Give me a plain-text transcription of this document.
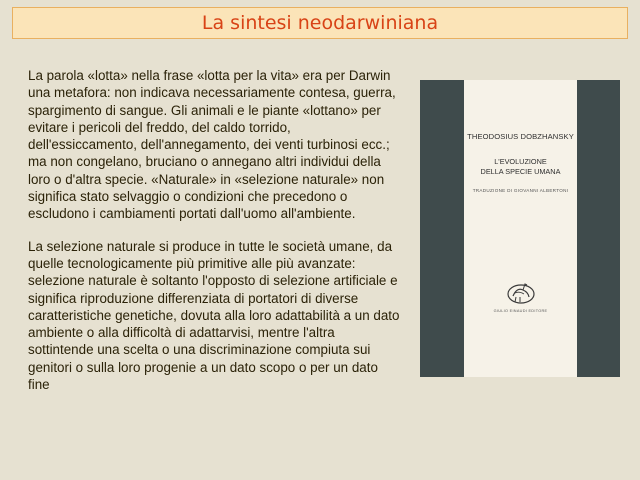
La sintesi neodarwiniana

La parola «lotta» nella frase «lotta per la vita» era per Darwin una metafora: non indicava necessariamente contesa, guerra, spargimento di sangue. Gli animali e le piante «lottano» per evitare i pericoli del freddo, del caldo torrido, dell'essiccamento, dell'annegamento, dei venti turbinosi ecc.; ma non congelano, bruciano o annegano altri individui della loro o d'altra specie. «Naturale» in «selezione naturale» non significa stato selvaggio o condizioni che precedono o escludono i cambiamenti portati dall'uomo all'ambiente.

La selezione naturale si produce in tutte le società umane, da quelle tecnologicamente più primitive alle più avanzate: selezione naturale è soltanto l'opposto di selezione artificiale e significa riproduzione differenziata di portatori di diverse caratteristiche genetiche, dovuta alla loro adattabilità a un dato ambiente o alla difficoltà di adattarvisi, mentre l'altra sottintende una scelta o una discriminazione compiuta sui genitori o sulla loro progenie a un dato scopo o per un dato fine

THEODOSIUS DOBZHANSKY
L'EVOLUZIONE
DELLA SPECIE UMANA
TRADUZIONE DI GIOVANNI ALBERTONI
GIULIO EINAUDI EDITORE
